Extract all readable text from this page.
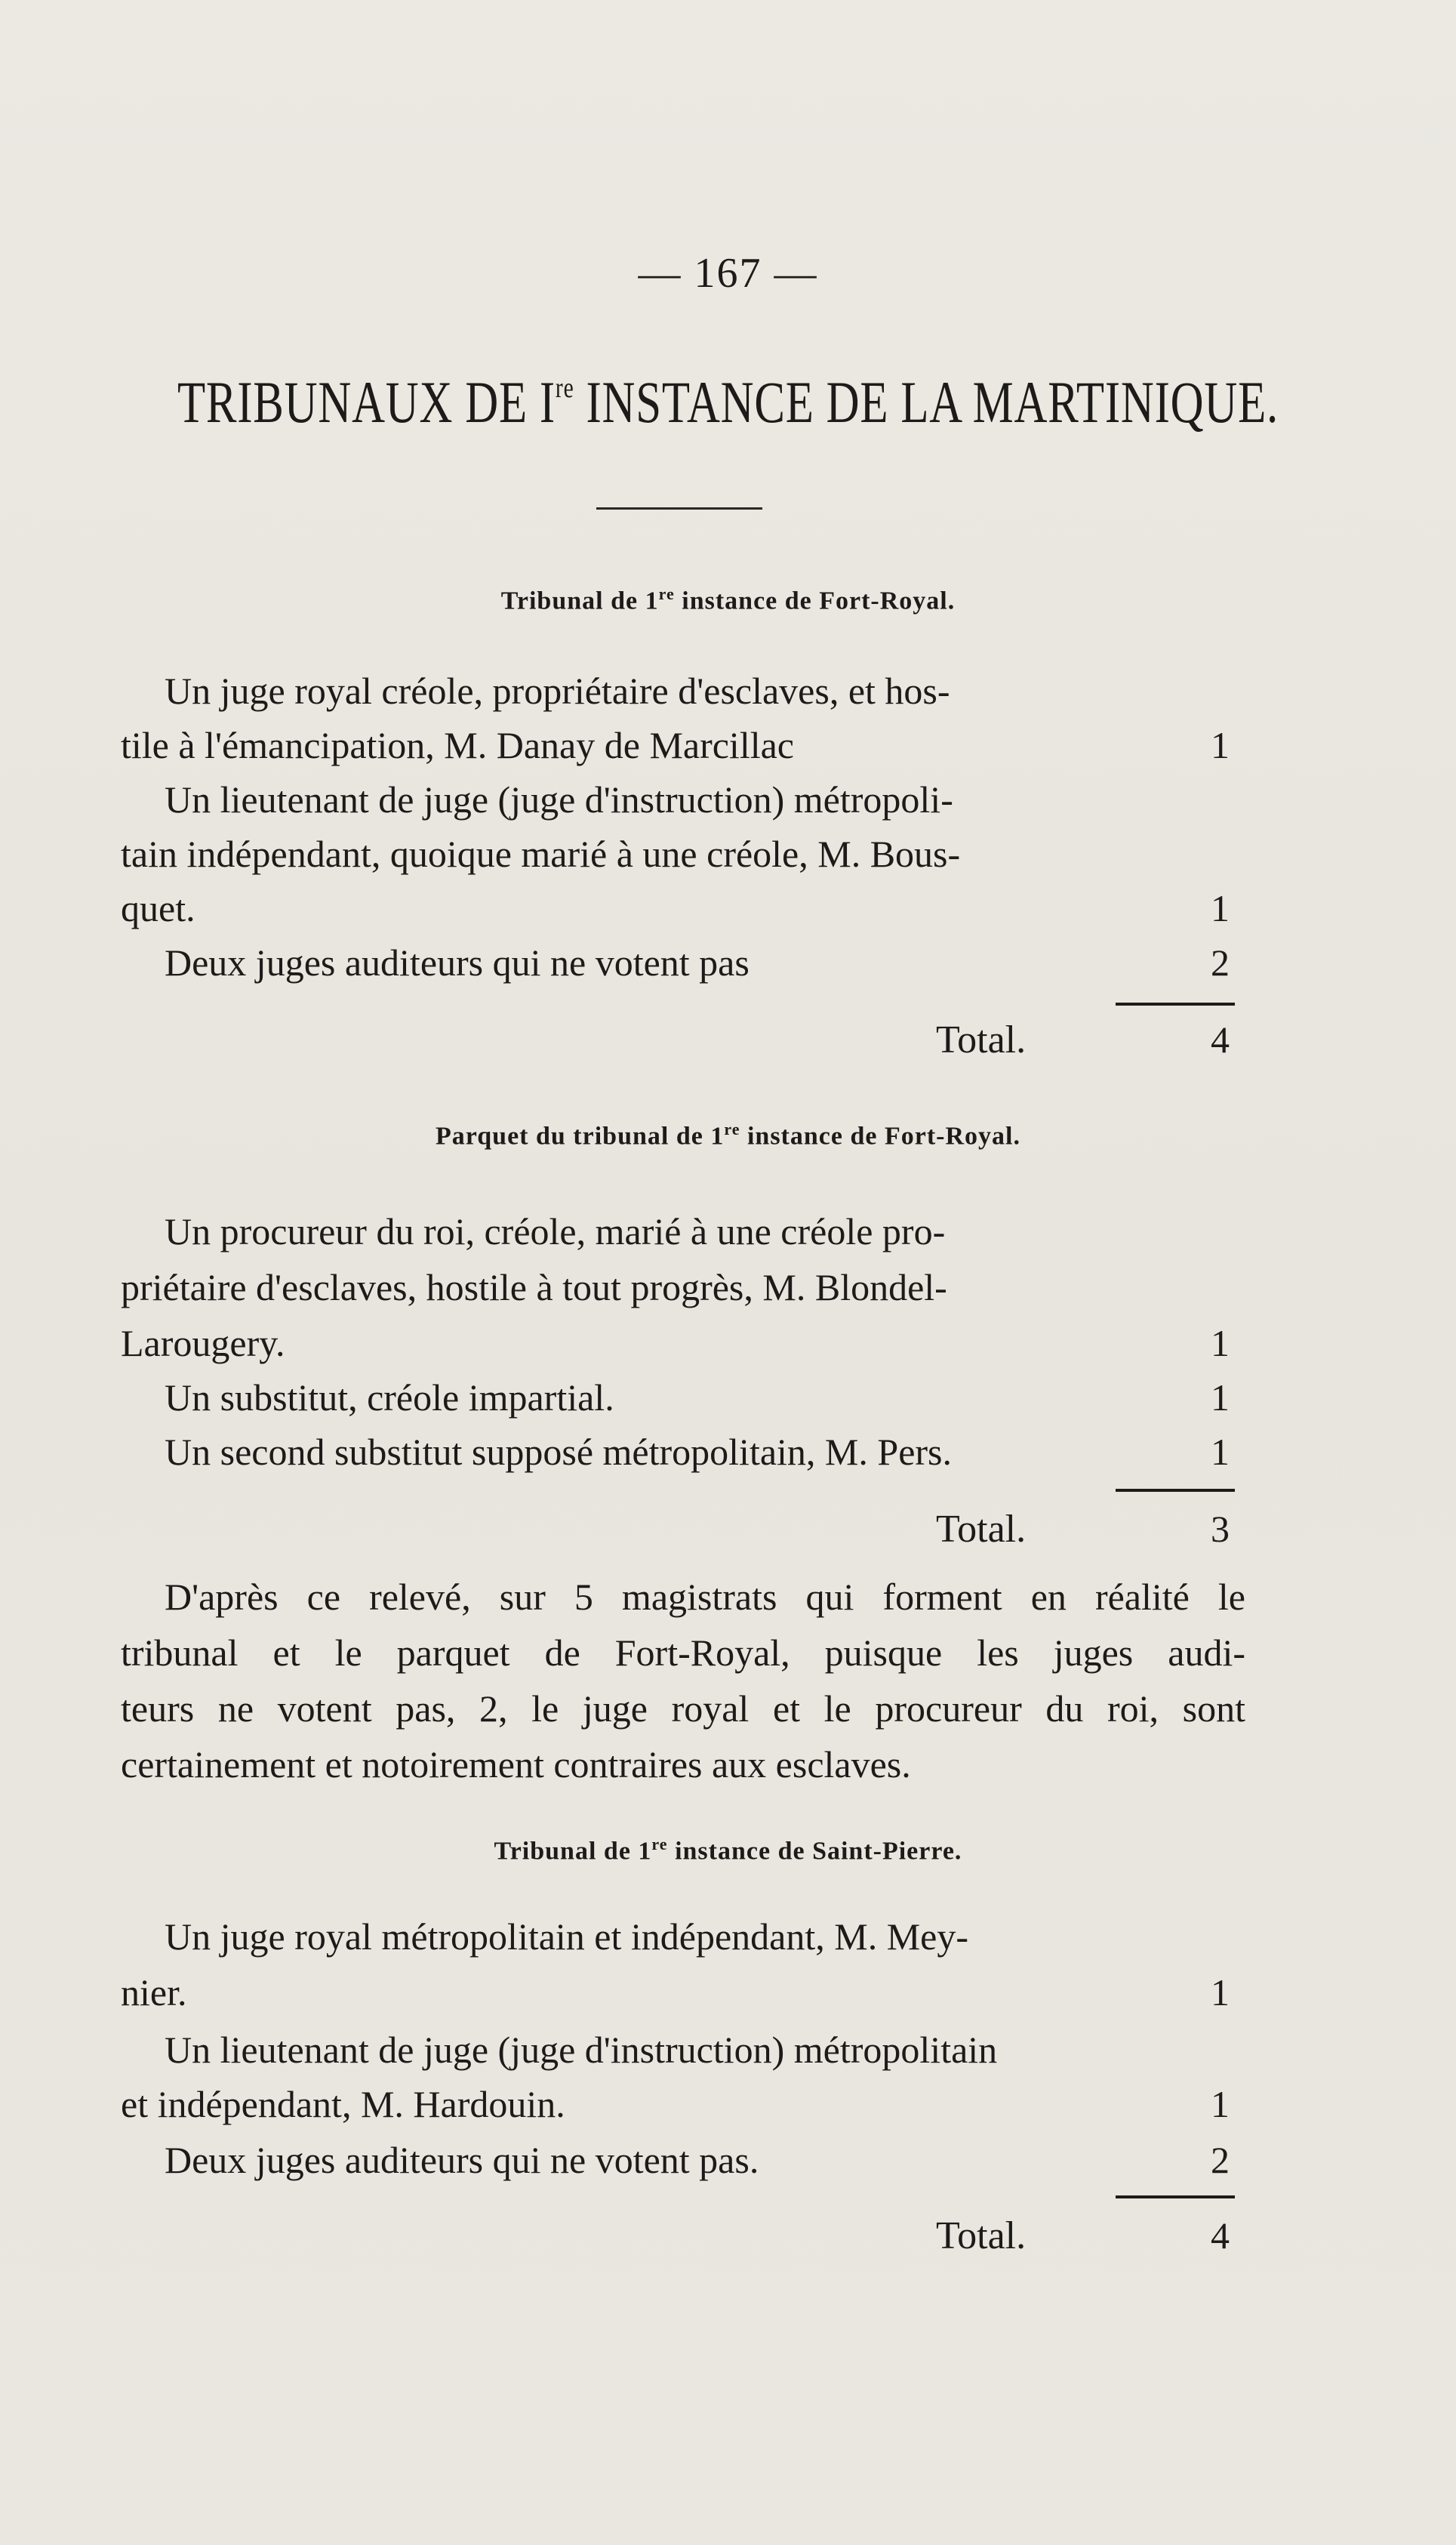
— 167 —
TRIBUNAUX DE Ire INSTANCE DE LA MARTINIQUE.
Tribunal de 1re instance de Fort-Royal.
Un juge royal créole, propriétaire d'esclaves, et hos-
tile à l'émancipation, M. Danay de Marcillac	1
Un lieutenant de juge (juge d'instruction) métropoli-
tain indépendant, quoique marié à une créole, M. Bous-
quet.	1
Deux juges auditeurs qui ne votent pas	2
Total.	4
Parquet du tribunal de 1re instance de Fort-Royal.
Un procureur du roi, créole, marié à une créole pro-
priétaire d'esclaves, hostile à tout progrès, M. Blondel-
Larougery.	1
Un substitut, créole impartial.	1
Un second substitut supposé métropolitain, M. Pers.	1
Total.	3
D'après ce relevé, sur 5 magistrats qui forment en réalité le
tribunal et le parquet de Fort-Royal, puisque les juges audi-
teurs ne votent pas, 2, le juge royal et le procureur du roi, sont
certainement et notoirement contraires aux esclaves.
Tribunal de 1re instance de Saint-Pierre.
Un juge royal métropolitain et indépendant, M. Mey-
nier.	1
Un lieutenant de juge (juge d'instruction) métropolitain
et indépendant, M. Hardouin.	1
Deux juges auditeurs qui ne votent pas.	2
Total.	4
